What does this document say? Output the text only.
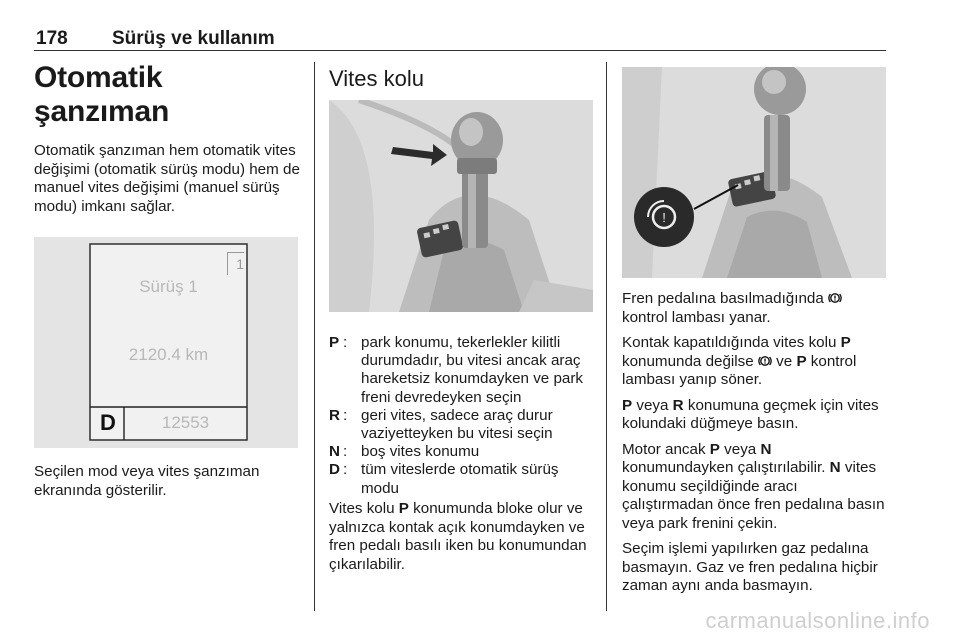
178 Sürüş ve kullanım
Otomatik şanzıman

Otomatik şanzıman hem otomatik vites değişimi (otomatik sürüş modu) hem de manuel vites değişimi (manuel sürüş modu) imkanı sağlar.

Sürüş 1
2120.4 km
D	12553
1

Seçilen mod veya vites şanzıman ekranında gösterilir.

Vites kolu
P : park konumu, tekerlekler kilitli durumdadır, bu vitesi ancak araç hareketsiz konumdayken ve park freni devredeyken seçin
R : geri vites, sadece araç durur vaziyetteyken bu vitesi seçin
N : boş vites konumu
D : tüm viteslerde otomatik sürüş modu

Vites kolu P konumunda bloke olur ve yalnızca kontak açık konumdayken ve fren pedalı basılı iken bu konumundan çıkarılabilir.

!

Fren pedalına basılmadığında  kontrol lambası yanar.

Kontak kapatıldığında vites kolu P konumunda değilse  ve P kontrol lambası yanıp söner.

P veya R konumuna geçmek için vites kolundaki düğmeye basın.

Motor ancak P veya N konumundayken çalıştırılabilir. N vites konumu seçildiğinde aracı çalıştırmadan önce fren pedalına basın veya park frenini çekin.

Seçim işlemi yapılırken gaz pedalına basmayın. Gaz ve fren pedalına hiçbir zaman aynı anda basmayın.

carmanualsonline.info
